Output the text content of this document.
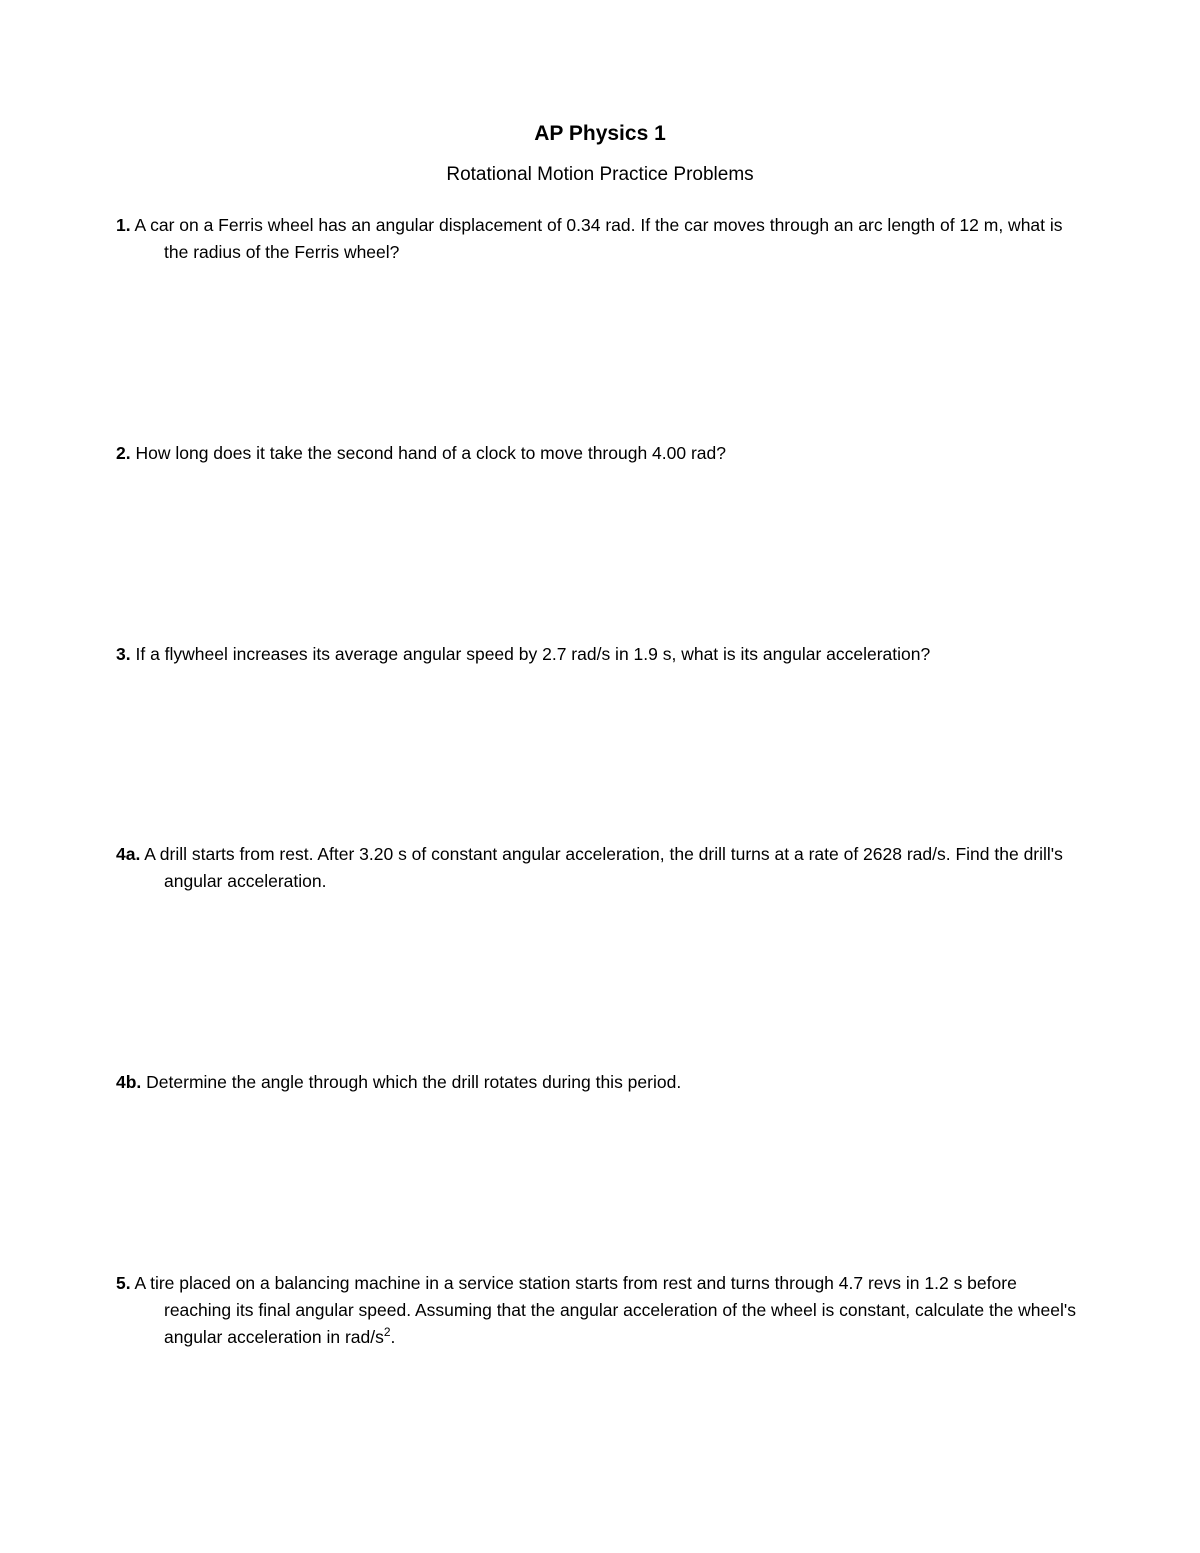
AP Physics 1
Rotational Motion Practice Problems
1. A car on a Ferris wheel has an angular displacement of 0.34 rad. If the car moves through an arc length of 12 m, what is the radius of the Ferris wheel?
2. How long does it take the second hand of a clock to move through 4.00 rad?
3. If a flywheel increases its average angular speed by 2.7 rad/s in 1.9 s, what is its angular acceleration?
4a. A drill starts from rest. After 3.20 s of constant angular acceleration, the drill turns at a rate of 2628 rad/s. Find the drill's angular acceleration.
4b. Determine the angle through which the drill rotates during this period.
5. A tire placed on a balancing machine in a service station starts from rest and turns through 4.7 revs in 1.2 s before reaching its final angular speed. Assuming that the angular acceleration of the wheel is constant, calculate the wheel's angular acceleration in rad/$s^2$.
